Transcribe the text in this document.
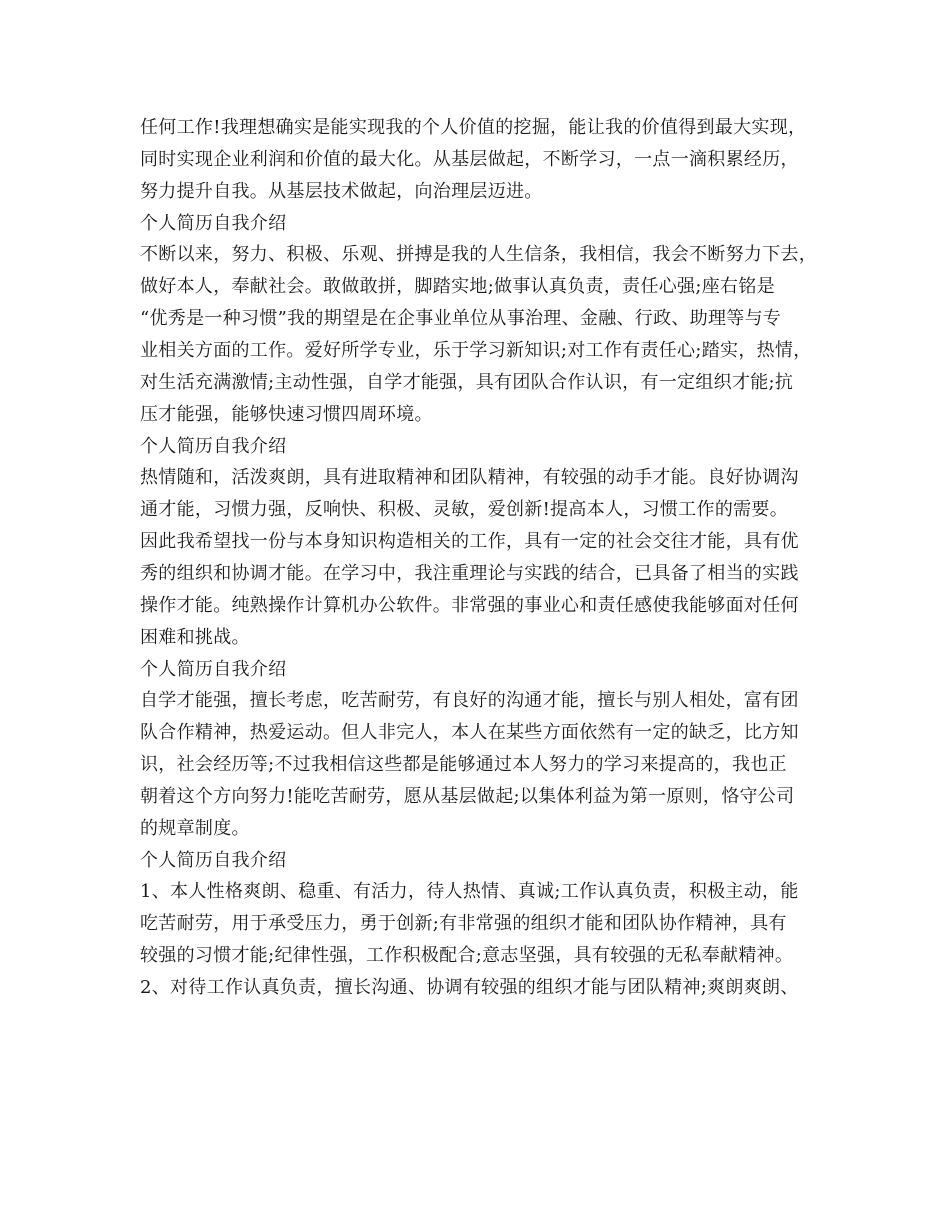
任何工作!我理想确实是能实现我的个人价值的挖掘，能让我的价值得到最大实现，
同时实现企业利润和价值的最大化。从基层做起，不断学习，一点一滴积累经历，
努力提升自我。从基层技术做起，向治理层迈进。
个人简历自我介绍
不断以来，努力、积极、乐观、拼搏是我的人生信条，我相信，我会不断努力下去，
做好本人，奉献社会。敢做敢拼，脚踏实地;做事认真负责，责任心强;座右铭是
“优秀是一种习惯”我的期望是在企事业单位从事治理、金融、行政、助理等与专
业相关方面的工作。爱好所学专业，乐于学习新知识;对工作有责任心;踏实，热情，
对生活充满激情;主动性强，自学才能强，具有团队合作认识，有一定组织才能;抗
压才能强，能够快速习惯四周环境。
个人简历自我介绍
热情随和，活泼爽朗，具有进取精神和团队精神，有较强的动手才能。良好协调沟
通才能，习惯力强，反响快、积极、灵敏，爱创新!提高本人，习惯工作的需要。
因此我希望找一份与本身知识构造相关的工作，具有一定的社会交往才能，具有优
秀的组织和协调才能。在学习中，我注重理论与实践的结合，已具备了相当的实践
操作才能。纯熟操作计算机办公软件。非常强的事业心和责任感使我能够面对任何
困难和挑战。
个人简历自我介绍
自学才能强，擅长考虑，吃苦耐劳，有良好的沟通才能，擅长与别人相处，富有团
队合作精神，热爱运动。但人非完人，本人在某些方面依然有一定的缺乏，比方知
识，社会经历等;不过我相信这些都是能够通过本人努力的学习来提高的，我也正
朝着这个方向努力!能吃苦耐劳，愿从基层做起;以集体利益为第一原则，恪守公司
的规章制度。
个人简历自我介绍
1、本人性格爽朗、稳重、有活力，待人热情、真诚;工作认真负责，积极主动，能
吃苦耐劳，用于承受压力，勇于创新;有非常强的组织才能和团队协作精神，具有
较强的习惯才能;纪律性强，工作积极配合;意志坚强，具有较强的无私奉献精神。
2、对待工作认真负责，擅长沟通、协调有较强的组织才能与团队精神;爽朗爽朗、
